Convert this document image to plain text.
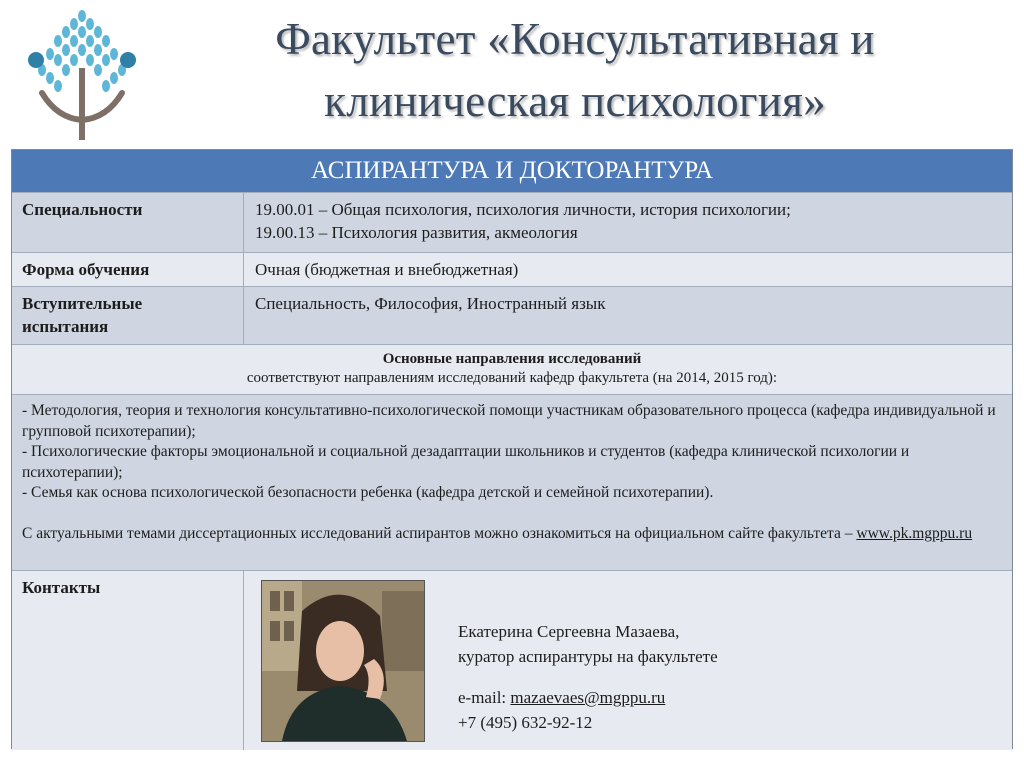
Факультет «Консультативная и
клиническая психология»
АСПИРАНТУРА И ДОКТОРАНТУРА
Специальности	19.00.01 – Общая психология, психология личности, история психологии;
19.00.13 – Психология развития, акмеология
Форма обучения	Очная (бюджетная и внебюджетная)
Вступительные
испытания
Специальность, Философия, Иностранный язык
Основные направления исследований
соответствуют направлениям исследований кафедр факультета (на 2014, 2015 год):

- Методология, теория и технология консультативно-психологической помощи участникам образовательного процесса (кафедра индивидуальной и групповой психотерапии);

- Психологические факторы эмоциональной и социальной дезадаптации школьников и студентов (кафедра клинической психологии и психотерапии);

- Семья как основа психологической безопасности ребенка (кафедра детской и семейной психотерапии).

С актуальными темами диссертационных исследований аспирантов можно ознакомиться на официальном сайте факультета – www.pk.mgppu.ru

Контакты

Екатерина Сергеевна Мазаева,

куратор аспирантуры на факультете

e-mail: mazaevaes@mgppu.ru

+7 (495) 632-92-12
